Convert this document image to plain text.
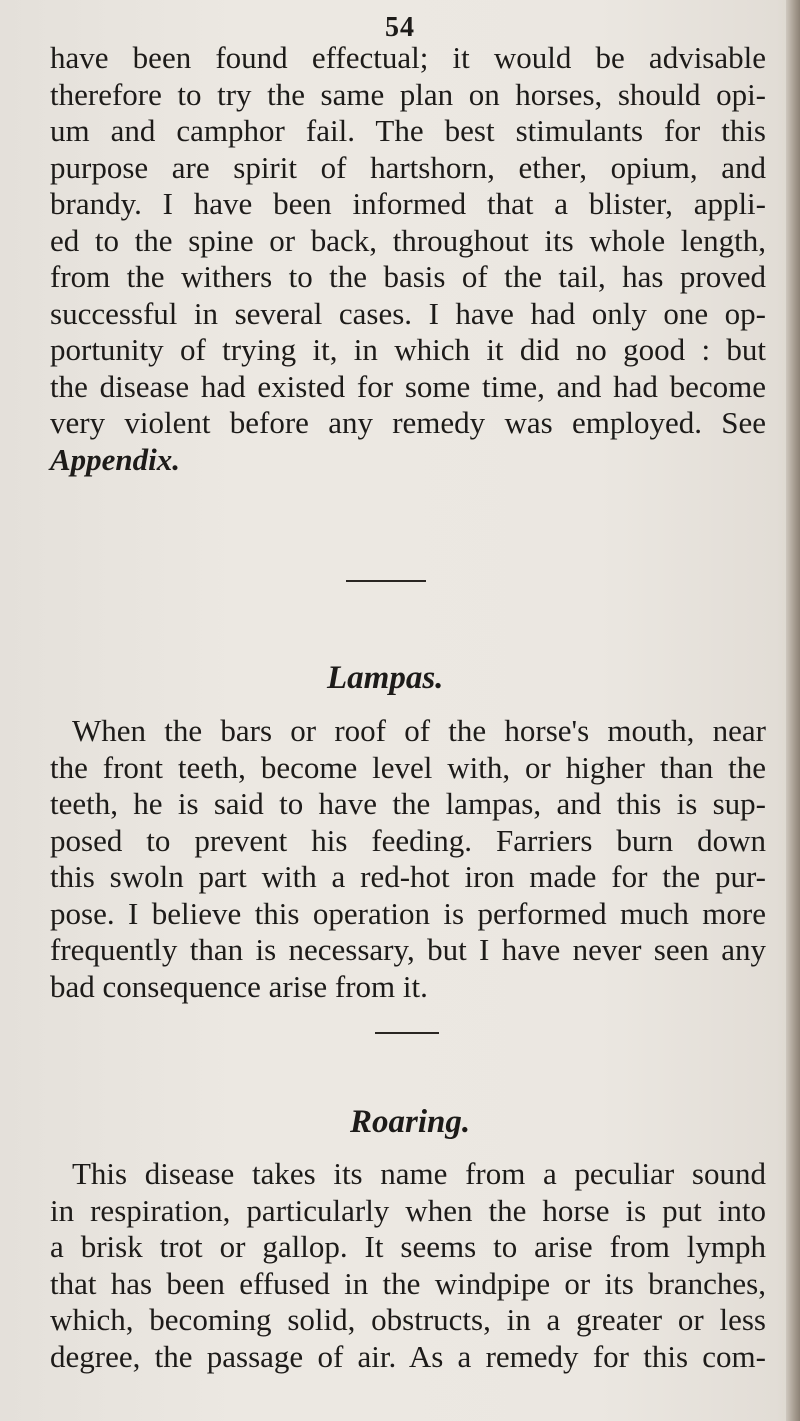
54
have been found effectual; it would be advisable
therefore to try the same plan on horses, should opi-
um and camphor fail. The best stimulants for this
purpose are spirit of hartshorn, ether, opium, and
brandy. I have been informed that a blister, appli-
ed to the spine or back, throughout its whole length,
from the withers to the basis of the tail, has proved
successful in several cases. I have had only one op-
portunity of trying it, in which it did no good : but
the disease had existed for some time, and had become
very violent before any remedy was employed. See
Appendix.
Lampas.
When the bars or roof of the horse's mouth, near
the front teeth, become level with, or higher than the
teeth, he is said to have the lampas, and this is sup-
posed to prevent his feeding. Farriers burn down
this swoln part with a red-hot iron made for the pur-
pose. I believe this operation is performed much more
frequently than is necessary, but I have never seen any
bad consequence arise from it.
Roaring.
This disease takes its name from a peculiar sound
in respiration, particularly when the horse is put into
a brisk trot or gallop. It seems to arise from lymph
that has been effused in the windpipe or its branches,
which, becoming solid, obstructs, in a greater or less
degree, the passage of air. As a remedy for this com-
